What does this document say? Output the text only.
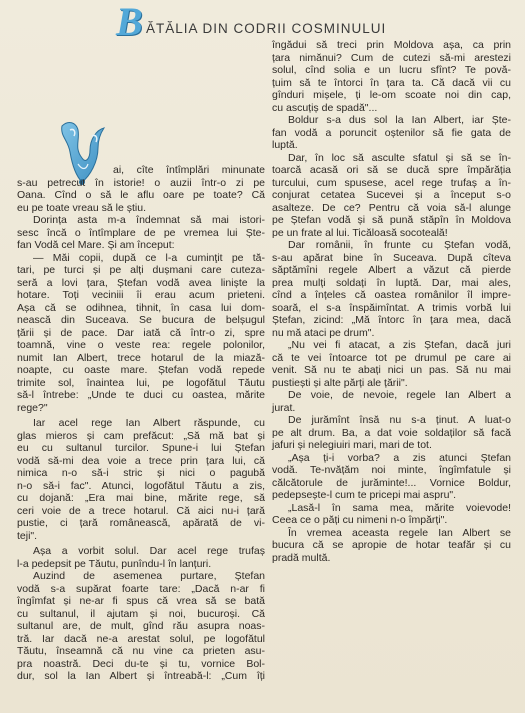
B ĂTĂLIA DIN CODRII COSMINULUI
ai, cîte întîmplări minunate
s-au petrecut în istorie! o auzii într-o zi pe
Oana. Cînd o să le aflu oare pe toate? Că
eu pe toate vreau să le știu.
Dorința asta m-a îndemnat să mai istori-
sesc încă o întîmplare de pe vremea lui Ște-
fan Vodă cel Mare. Și am început:
— Măi copii, după ce l-a cuminţit pe tă-
tari, pe turci și pe alți dușmani care cuteza-
seră a lovi țara, Ștefan vodă avea liniște la
hotare. Toți veciniii îi erau acum prieteni.
Așa că se odihnea, tihnit, în casa lui dom-
nească din Suceava. Se bucura de belșugul
țării și de pace. Dar iată că într-o zi, spre
toamnă, vine o veste rea: regele polonilor,
numit Ian Albert, trece hotarul de la miază-
noapte, cu oaste mare. Ștefan vodă repede
trimite sol, înaintea lui, pe logofătul Tăutu
să-l întrebe: „Unde te duci cu oastea, mărite
rege?"
Iar acel rege Ian Albert răspunde, cu
glas mieros și cam prefăcut: „Să mă bat și
eu cu sultanul turcilor. Spune-i lui Ștefan
vodă să-mi dea voie a trece prin țara lui, că
nimica n-o să-i stric și nici o pagubă
n-o să-i fac". Atunci, logofătul Tăutu a zis,
cu dojană: „Era mai bine, mărite rege, să
ceri voie de a trece hotarul. Că aici nu-i țară
pustie, ci țară românească, apărată de vi-
teji".
Așa a vorbit solul. Dar acel rege trufaș
l-a pedepsit pe Tăutu, punîndu-l în lanțuri.
Auzind de asemenea purtare, Ștefan
vodă s-a supărat foarte tare: „Dacă n-ar fi
îngîmfat și ne-ar fi spus că vrea să se bată
cu sultanul, il ajutam și noi, bucuroși. Că
sultanul are, de mult, gînd rău asupra noas-
tră. Iar dacă ne-a arestat solul, pe logofătul
Tăutu, înseamnă că nu vine ca prieten asu-
pra noastră. Deci du-te și tu, vornice Bol-
dur, sol la Ian Albert și întreabă-l: „Cum îți
îngădui să treci prin Moldova așa, ca prin
țara nimănui? Cum de cutezi să-mi arestezi
solul, cînd solia e un lucru sfînt? Te povă-
țuim să te întorci în țara ta. Că dacă vii cu
gînduri mișele, ți le-om scoate noi din cap,
cu ascuțiș de spadă"...
Boldur s-a dus sol la Ian Albert, iar Ște-
fan vodă a poruncit oștenilor să fie gata de
luptă.
Dar, în loc să asculte sfatul și să se în-
toarcă acasă ori să se ducă spre împărăția
turcului, cum spusese, acel rege trufaș a în-
conjurat cetatea Sucevei și a început s-o
asalteze. De ce? Pentru că voia să-l alunge
pe Ștefan vodă și să pună stăpîn în Moldova
pe un frate al lui. Ticăloasă socoteală!
Dar românii, în frunte cu Ștefan vodă,
s-au apărat bine în Suceava. După cîteva
săptămîni regele Albert a văzut că pierde
prea mulți soldați în luptă. Dar, mai ales,
cînd a înțeles că oastea românilor îl impre-
soară, el s-a înspăimîntat. A trimis vorbă lui
Ștefan, zicind: „Mă întorc în țara mea, dacă
nu mă ataci pe drum".
„Nu vei fi atacat, a zis Ștefan, dacă juri
că te vei întoarce tot pe drumul pe care ai
venit. Să nu te abați nici un pas. Să nu mai
pustiești și alte părți ale țării".
De voie, de nevoie, regele Ian Albert a
jurat.
De jurămînt însă nu s-a ținut. A luat-o
pe alt drum. Ba, a dat voie soldaților să facă
jafuri și nelegiuiri mari, mari de tot.
„Așa ți-i vorba? a zis atunci Ștefan
vodă. Te-nvățăm noi minte, îngîmfatule și
călcătorule de jurăminte!... Vornice Boldur,
pedepsește-l cum te pricepi mai aspru".
„Lasă-l în sama mea, mărite voievode!
Ceea ce o păți cu nimeni n-o împărți".
În vremea aceasta regele Ian Albert se
bucura că se apropie de hotar teafăr și cu
pradă multă.
